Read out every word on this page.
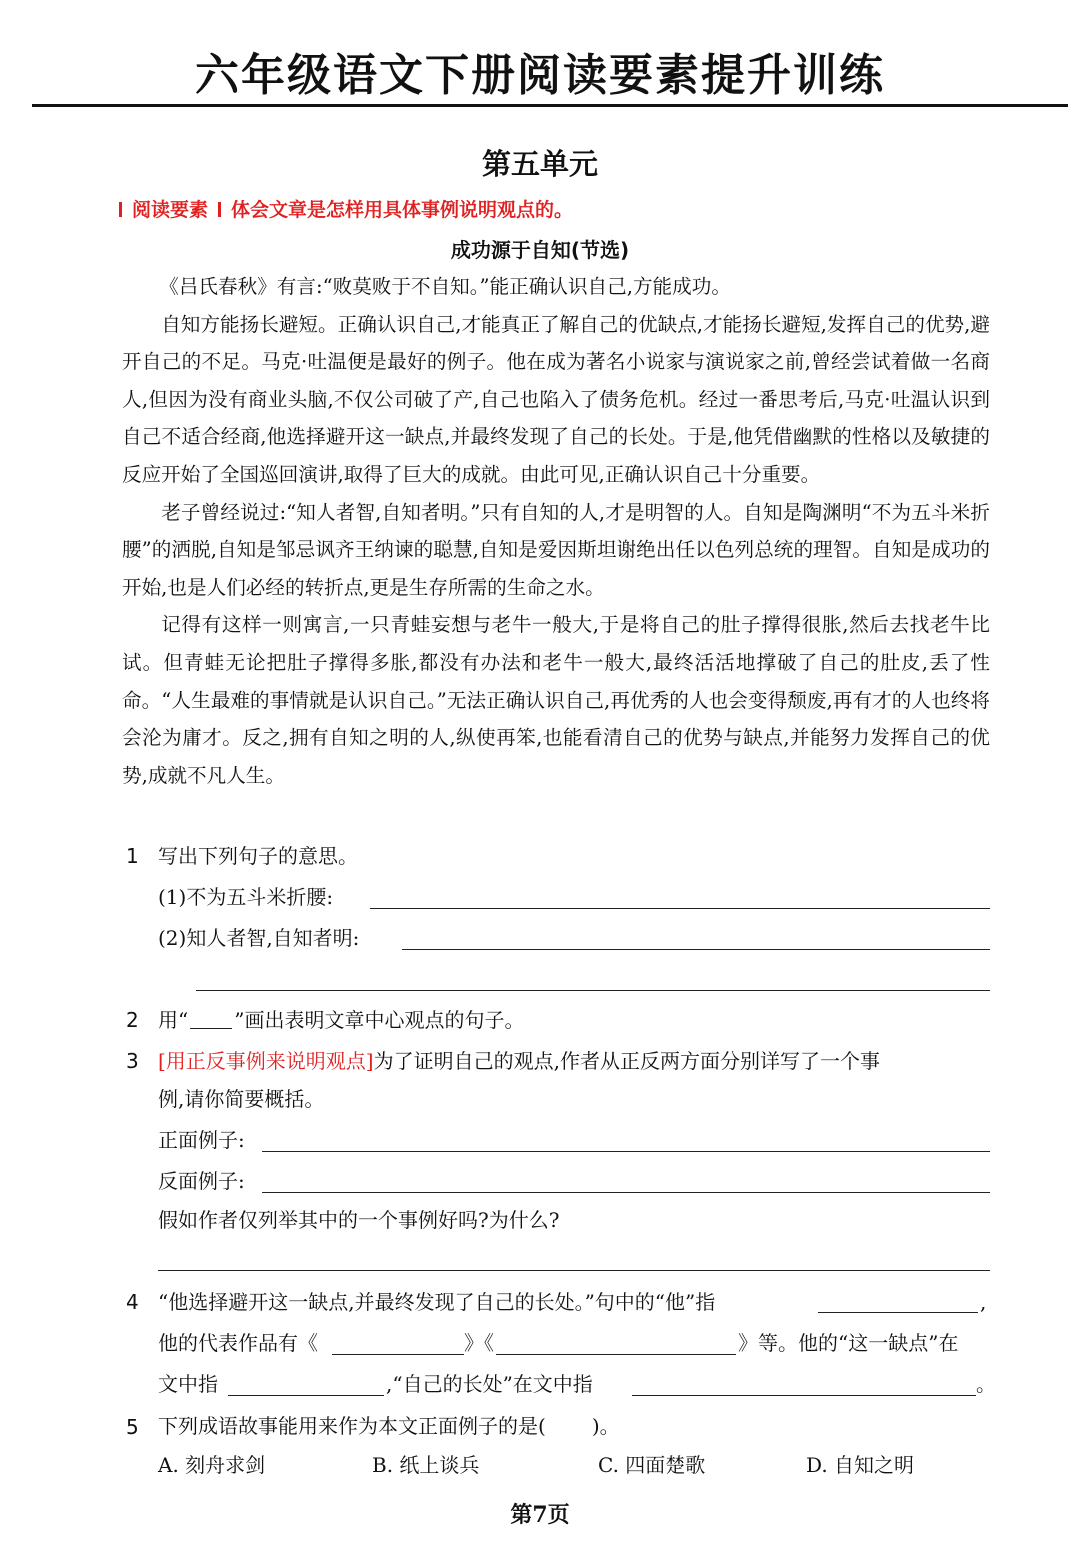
六年级语文下册阅读要素提升训练
第五单元
阅读要素 体会文章是怎样用具体事例说明观点的。
成功源于自知(节选)

《吕氏春秋》有言:“败莫败于不自知。”能正确认识自己,方能成功。

自知方能扬长避短。正确认识自己,才能真正了解自己的优缺点,才能扬长避短,发挥自己的优势,避开自己的不足。马克·吐温便是最好的例子。他在成为著名小说家与演说家之前,曾经尝试着做一名商人,但因为没有商业头脑,不仅公司破了产,自己也陷入了债务危机。经过一番思考后,马克·吐温认识到自己不适合经商,他选择避开这一缺点,并最终发现了自己的长处。于是,他凭借幽默的性格以及敏捷的反应开始了全国巡回演讲,取得了巨大的成就。由此可见,正确认识自己十分重要。

老子曾经说过:“知人者智,自知者明。”只有自知的人,才是明智的人。自知是陶渊明“不为五斗米折腰”的洒脱,自知是邹忌讽齐王纳谏的聪慧,自知是爱因斯坦谢绝出任以色列总统的理智。自知是成功的开始,也是人们必经的转折点,更是生存所需的生命之水。

记得有这样一则寓言,一只青蛙妄想与老牛一般大,于是将自己的肚子撑得很胀,然后去找老牛比试。但青蛙无论把肚子撑得多胀,都没有办法和老牛一般大,最终活活地撑破了自己的肚皮,丢了性命。“人生最难的事情就是认识自己。”无法正确认识自己,再优秀的人也会变得颓废,再有才的人也终将会沦为庸才。反之,拥有自知之明的人,纵使再笨,也能看清自己的优势与缺点,并能努力发挥自己的优势,成就不凡人生。

1 写出下列句子的意思。
(1)不为五斗米折腰:
(2)知人者智,自知者明:
2 用“ ”画出表明文章中心观点的句子。
3 [用正反事例来说明观点]为了证明自己的观点,作者从正反两方面分别详写了一个事
例,请你简要概括。
正面例子:
反面例子:
假如作者仅列举其中的一个事例好吗?为什么?
4 “他选择避开这一缺点,并最终发现了自己的长处。”句中的“他”指	,
他的代表作品有《	》《	》等。他的“这一缺点”在
文中指	,“自己的长处”在文中指	。
5 下列成语故事能用来作为本文正面例子的是( )。
A. 刻舟求剑	B. 纸上谈兵	C. 四面楚歌	D. 自知之明
第7页
